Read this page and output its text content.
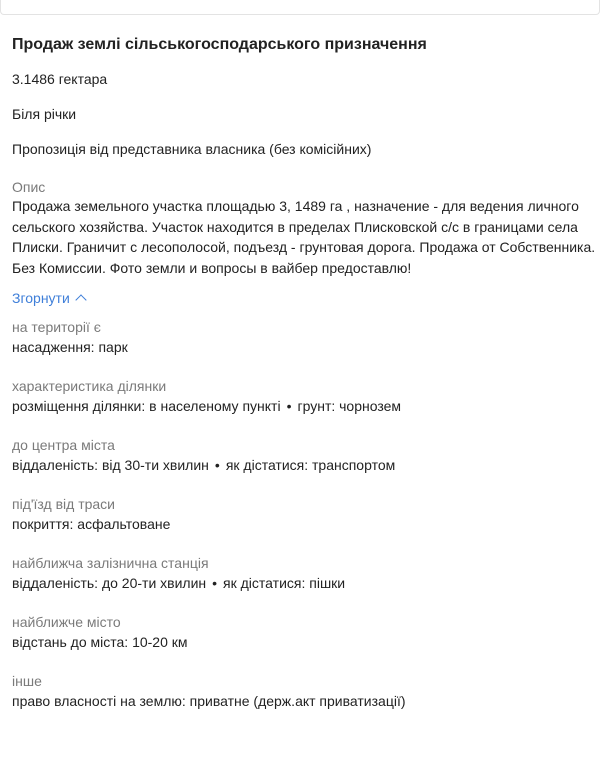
Продаж землі сільськогосподарського призначення
3.1486 гектара
Біля річки
Пропозиція від представника власника (без комісійних)
Опис
Продажа земельного участка площадью 3, 1489 га , назначение - для ведения личного сельского хозяйства. Участок находится в пределах Плисковской с/с в границами села Плиски. Граничит с лесополосой, подъезд - грунтовая дорога. Продажа от Собственника. Без Комиссии. Фото земли и вопросы в вайбер предоставлю!
Згорнути
на території є
насадження: парк
характеристика ділянки
розміщення ділянки: в населеному пункті • грунт: чорнозем
до центра міста
віддаленість: від 30-ти хвилин • як дістатися: транспортом
під'їзд від траси
покриття: асфальтоване
найближча залізнична станція
віддаленість: до 20-ти хвилин • як дістатися: пішки
найближче місто
відстань до міста: 10-20 км
інше
право власності на землю: приватне (держ.акт приватизації)
